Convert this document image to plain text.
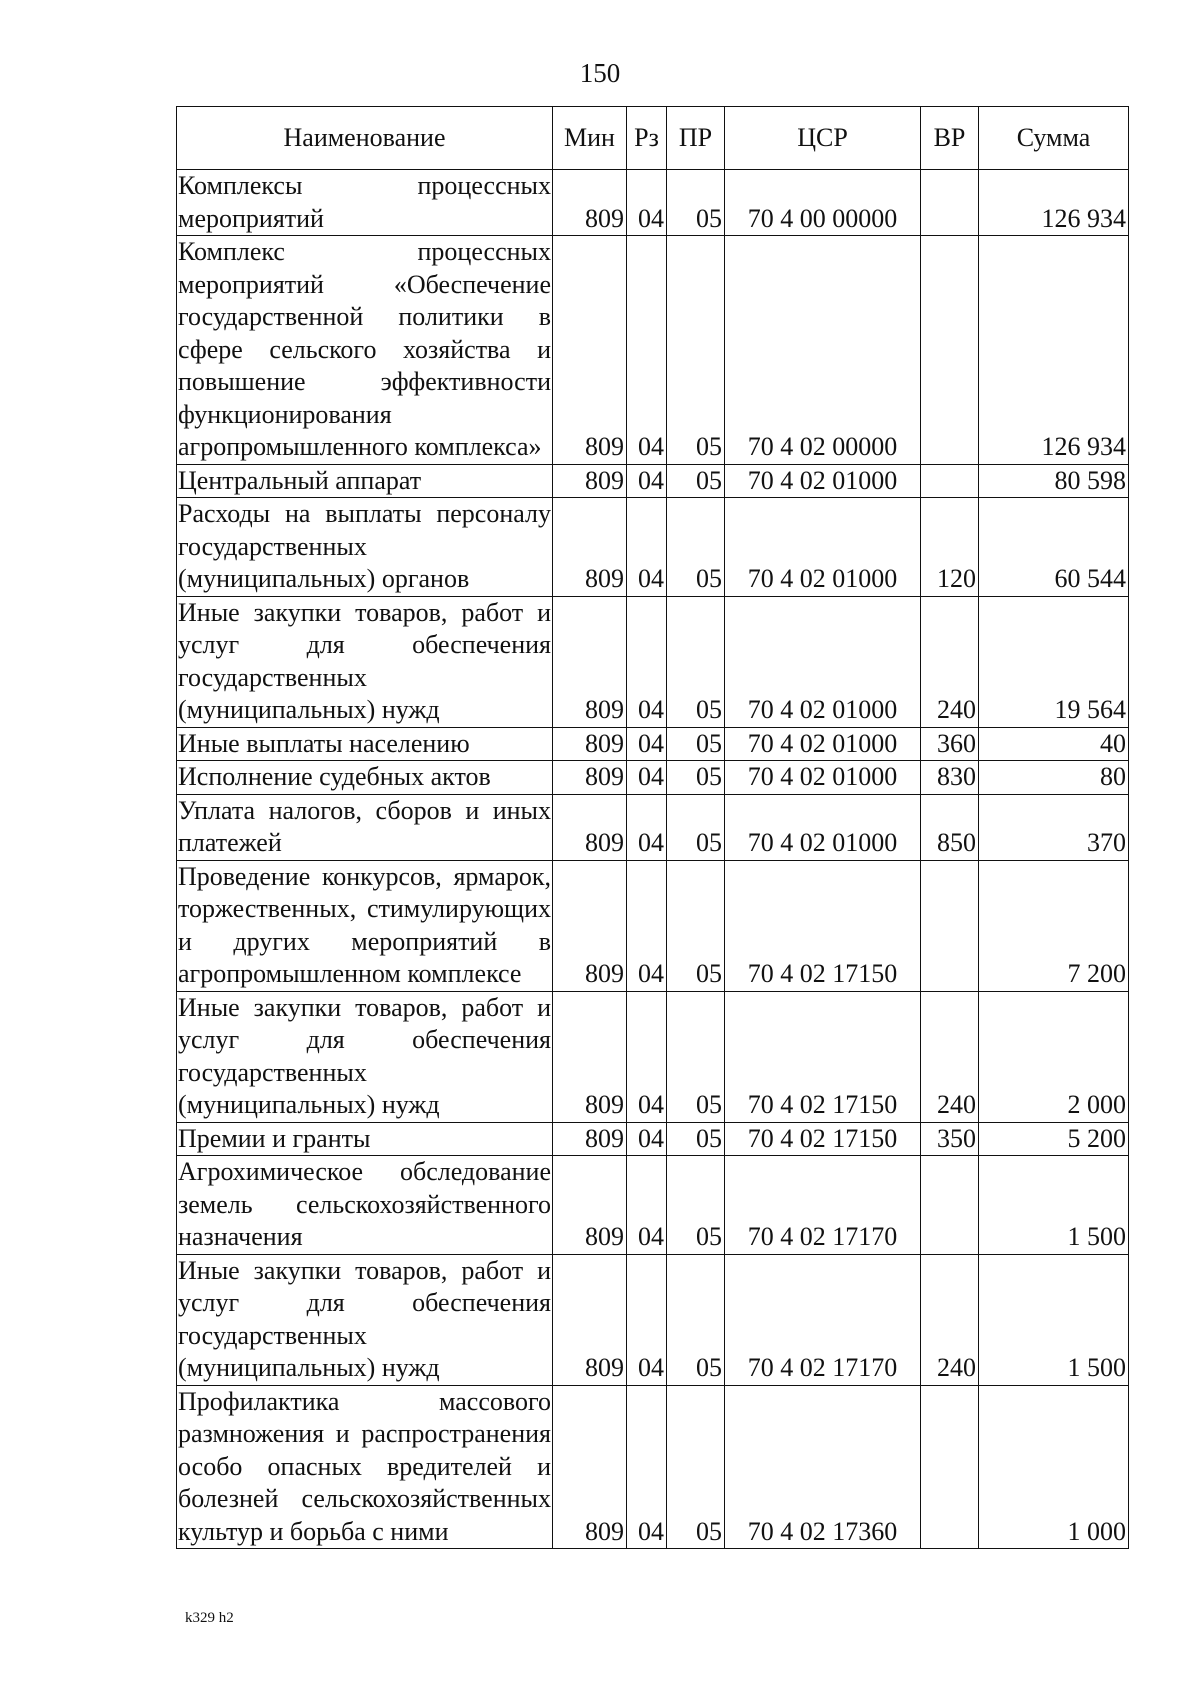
150
Наименование	Мин	Рз	ПР	ЦСР	ВР	Сумма
Комплексы процессных мероприятий	809	04	05	70 4 00 00000		126 934
Комплекс процессных мероприятий «Обеспечение государственной политики в сфере сельского хозяйства и повышение эффективности функционирования агропромышленного комплекса»	809	04	05	70 4 02 00000		126 934
Центральный аппарат	809	04	05	70 4 02 01000		80 598
Расходы на выплаты персоналу государственных (муниципальных) органов	809	04	05	70 4 02 01000	120	60 544
Иные закупки товаров, работ и услуг для обеспечения государственных (муниципальных) нужд	809	04	05	70 4 02 01000	240	19 564
Иные выплаты населению	809	04	05	70 4 02 01000	360	40
Исполнение судебных актов	809	04	05	70 4 02 01000	830	80
Уплата налогов, сборов и иных платежей	809	04	05	70 4 02 01000	850	370
Проведение конкурсов, ярмарок, торжественных, стимулирующих и других мероприятий в агропромышленном комплексе	809	04	05	70 4 02 17150		7 200
Иные закупки товаров, работ и услуг для обеспечения государственных (муниципальных) нужд	809	04	05	70 4 02 17150	240	2 000
Премии и гранты	809	04	05	70 4 02 17150	350	5 200
Агрохимическое обследование земель сельскохозяйственного назначения	809	04	05	70 4 02 17170		1 500
Иные закупки товаров, работ и услуг для обеспечения государственных (муниципальных) нужд	809	04	05	70 4 02 17170	240	1 500
Профилактика массового размножения и распространения особо опасных вредителей и болезней сельскохозяйственных культур и борьба с ними	809	04	05	70 4 02 17360		1 000
k329 h2
